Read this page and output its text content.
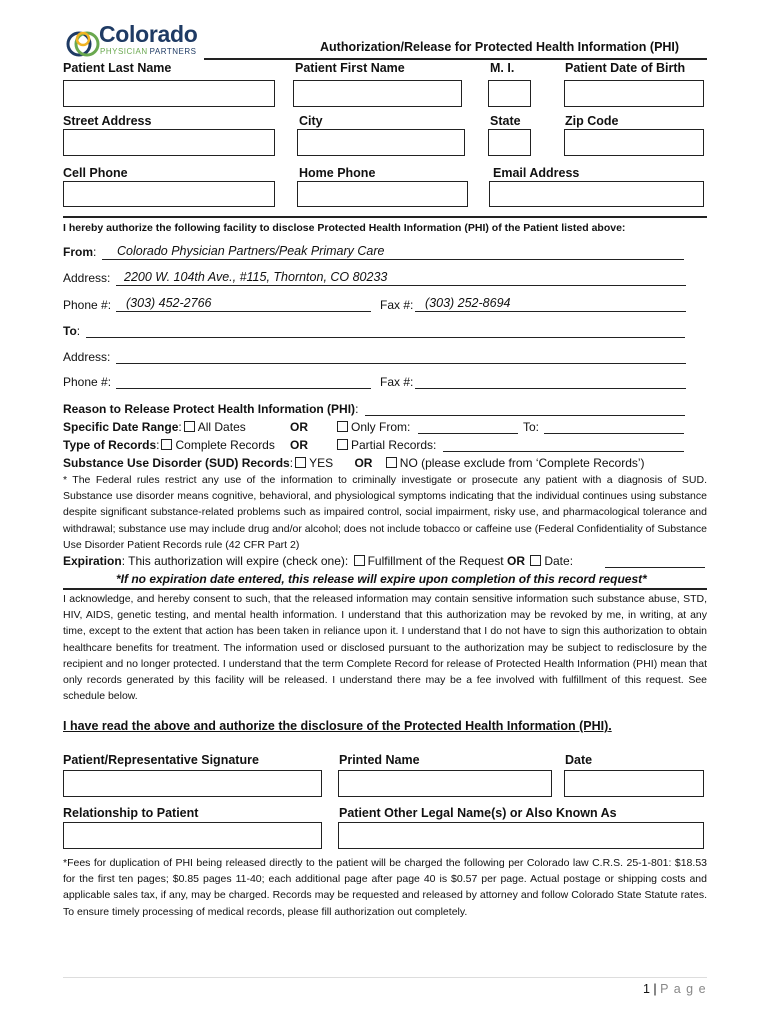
Colorado
PHYSICIAN PARTNERS	Authorization/Release for Protected Health Information (PHI)
Patient Last Name	Patient First Name	M. I.	Patient Date of Birth
Street Address	City	State	Zip Code
Cell Phone	Home Phone	Email Address
I hereby authorize the following facility to disclose Protected Health Information (PHI) of the Patient listed above:
From:	Colorado Physician Partners/Peak Primary Care
Address:	2200 W. 104th Ave., #115, Thornton, CO 80233
Phone #:	(303) 452-2766	Fax #: (303) 252-8694
To:
Address:
Phone #:	Fax #:
Reason to Release Protect Health Information (PHI):
Specific Date Range: All Dates	OR	Only From:	To:
Type of Records: Complete Records OR	Partial Records:
Substance Use Disorder (SUD) Records: YES OR NO (please exclude from ‘Complete Records’)
* The Federal rules restrict any use of the information to criminally investigate or prosecute any patient with a diagnosis of SUD. Substance use disorder means cognitive, behavioral, and physiological symptoms indicating that the individual continues using substance despite significant substance-related problems such as impaired control, social impairment, risky use, and pharmacological tolerance and withdrawal; substance use may include drug and/or alcohol; does not include tobacco or caffeine use (Federal Confidentiality of Substance Use Disorder Patient Records rule (42 CFR Part 2)
Expiration: This authorization will expire (check one): Fulfillment of the Request OR Date:
*If no expiration date entered, this release will expire upon completion of this record request*
I acknowledge, and hereby consent to such, that the released information may contain sensitive information such substance abuse, STD, HIV, AIDS, genetic testing, and mental health information. I understand that this authorization may be revoked by me, in writing, at any time, except to the extent that action has been taken in reliance upon it. I understand that I do not have to sign this authorization to obtain healthcare benefits for treatment. The information used or disclosed pursuant to the authorization may be subject to redisclosure by the recipient and no longer protected. I understand that the term Complete Record for release of Protected Health Information (PHI) mean that only records generated by this facility will be released. I understand there may be a fee involved with fulfillment of this request. See schedule below.
I have read the above and authorize the disclosure of the Protected Health Information (PHI).
Patient/Representative Signature	Printed Name	Date
Relationship to Patient	Patient Other Legal Name(s) or Also Known As
*Fees for duplication of PHI being released directly to the patient will be charged the following per Colorado law C.R.S. 25-1-801: $18.53 for the first ten pages; $0.85 pages 11-40; each additional page after page 40 is $0.57 per page. Actual postage or shipping costs and applicable sales tax, if any, may be charged. Records may be requested and released by attorney and follow Colorado State Statute rates. To ensure timely processing of medical records, please fill authorization out completely.
1 | P a g e
